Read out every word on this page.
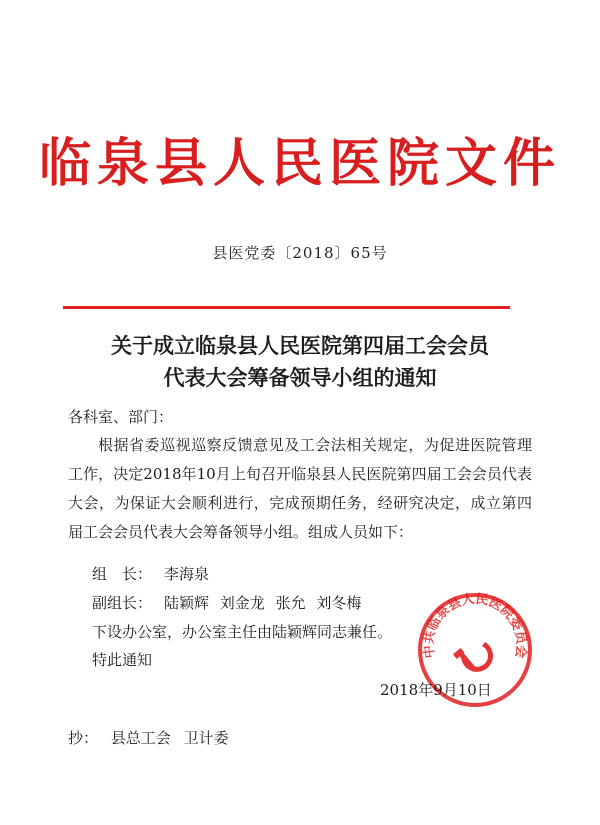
临泉县人民医院文件
县医党委〔2018〕65号
关于成立临泉县人民医院第四届工会会员
代表大会筹备领导小组的通知
各科室、部门：
根据省委巡视巡察反馈意见及工会法相关规定，为促进医院管理工作，决定2018年10月上旬召开临泉县人民医院第四届工会会员代表大会，为保证大会顺利进行，完成预期任务，经研究决定，成立第四届工会会员代表大会筹备领导小组。组成人员如下：
组　长： 李海泉
副组长： 陆颖辉 刘金龙 张允 刘冬梅
下设办公室，办公室主任由陆颖辉同志兼任。
特此通知	中共临泉县人民医院委员会
2018年9月10日
抄： 县总工会 卫计委
